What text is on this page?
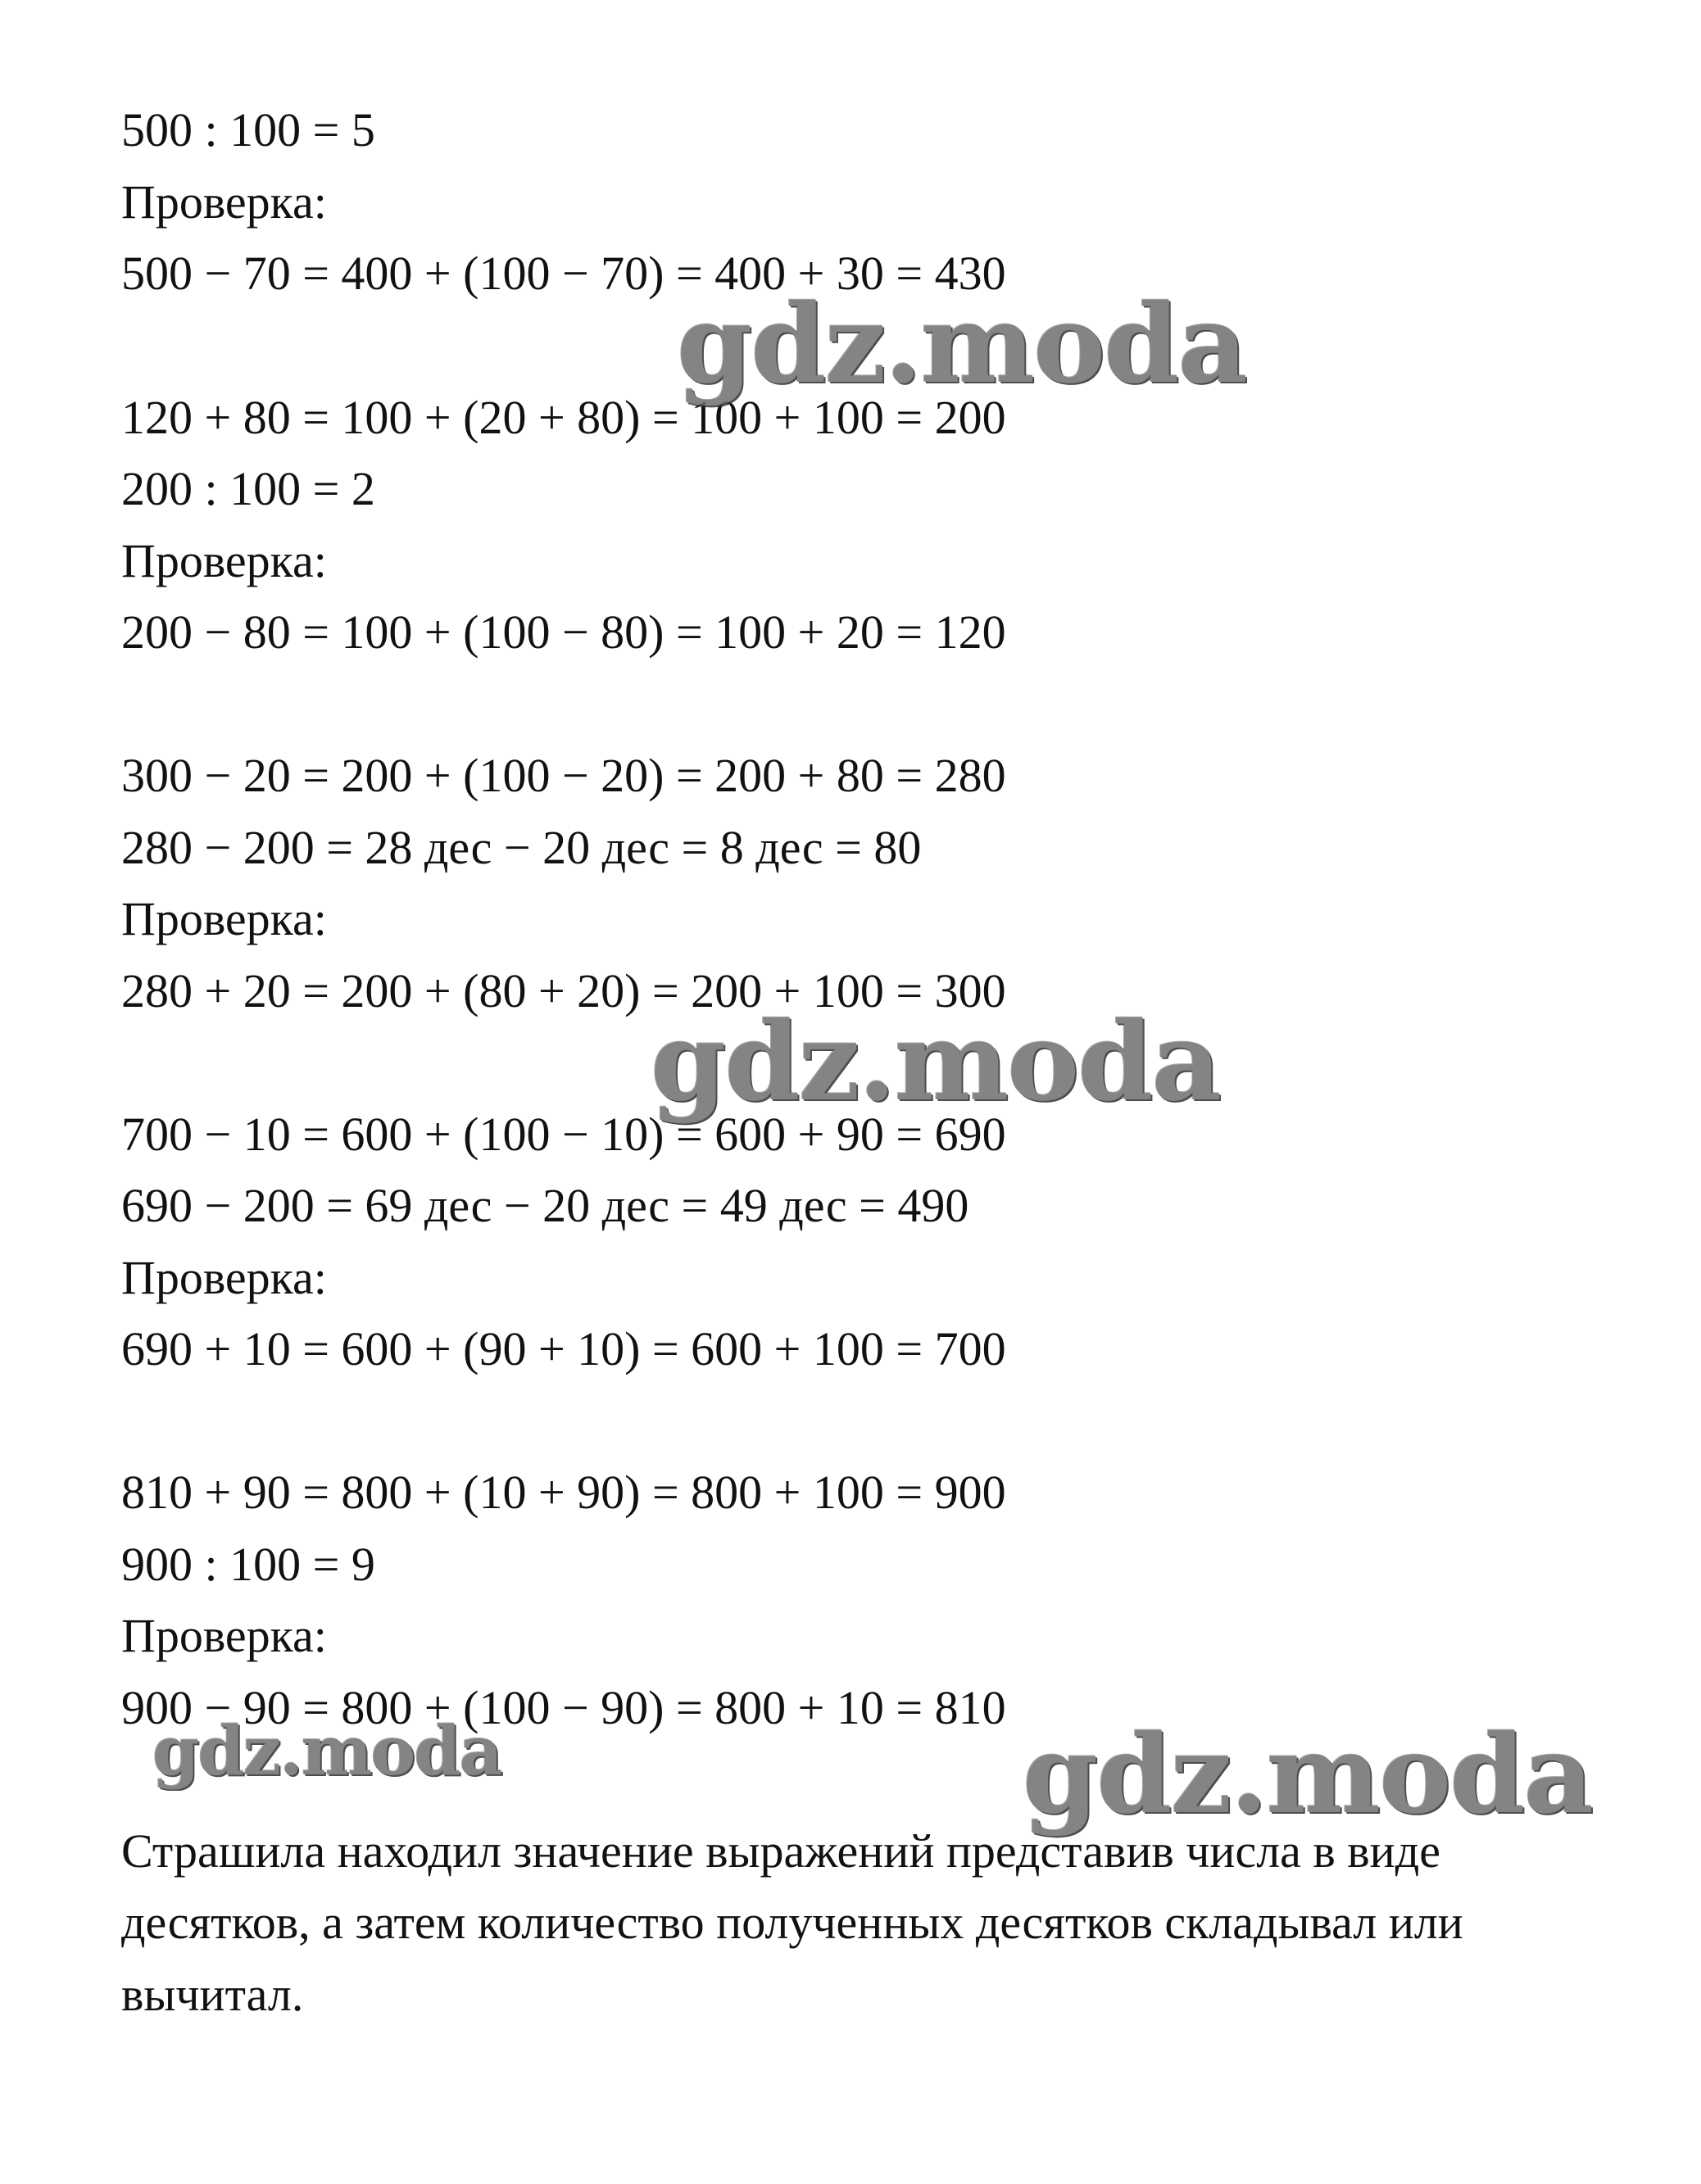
500 : 100 = 5
Проверка:
500 − 70 = 400 + (100 − 70) = 400 + 30 = 430
120 + 80 = 100 + (20 + 80) = 100 + 100 = 200
200 : 100 = 2
Проверка:
200 − 80 = 100 + (100 − 80) = 100 + 20 = 120
300 − 20 = 200 + (100 − 20) = 200 + 80 = 280
280 − 200 = 28 дес − 20 дес = 8 дес = 80
Проверка:
280 + 20 = 200 + (80 + 20) = 200 + 100 = 300
700 − 10 = 600 + (100 − 10) = 600 + 90 = 690
690 − 200 = 69 дес − 20 дес = 49 дес = 490
Проверка:
690 + 10 = 600 + (90 + 10) = 600 + 100 = 700
810 + 90 = 800 + (10 + 90) = 800 + 100 = 900
900 : 100 = 9
Проверка:
900 − 90 = 800 + (100 − 90) = 800 + 10 = 810
Страшила находил значение выражений представив числа в виде
десятков, а затем количество полученных десятков складывал или
вычитал.
gdz.moda
gdz.moda
gdz.moda	gdz.moda
